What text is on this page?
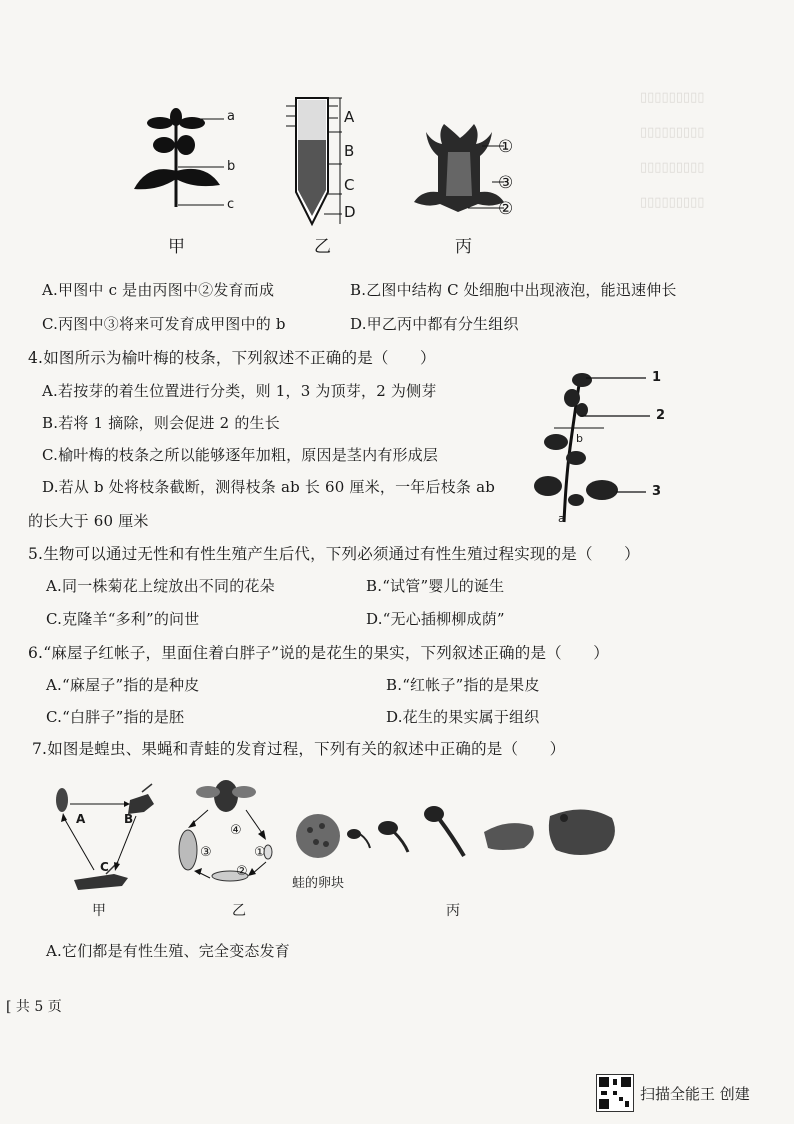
▯▯▯▯▯▯▯▯▯
▯▯▯▯▯▯▯▯▯
▯▯▯▯▯▯▯▯▯
▯▯▯▯▯▯▯▯▯
a
b
c
甲
A
B
C
D
乙
①
③
②
丙
A.甲图中 c 是由丙图中②发育而成	B.乙图中结构 C 处细胞中出现液泡，能迅速伸长
C.丙图中③将来可发育成甲图中的 b	D.甲乙丙中都有分生组织
4.如图所示为榆叶梅的枝条，下列叙述不正确的是（　　）
A.若按芽的着生位置进行分类，则 1，3 为顶芽，2 为侧芽
B.若将 1 摘除，则会促进 2 的生长
C.榆叶梅的枝条之所以能够逐年加粗，原因是茎内有形成层
D.若从 b 处将枝条截断，测得枝条 ab 长 60 厘米，一年后枝条 ab
的长大于 60 厘米
1
2
3
a
b
5.生物可以通过无性和有性生殖产生后代，下列必须通过有性生殖过程实现的是（　　）
A.同一株菊花上绽放出不同的花朵	B.“试管”婴儿的诞生
C.克隆羊“多利”的问世	D.“无心插柳柳成荫”
6.“麻屋子红帐子，里面住着白胖子”说的是花生的果实，下列叙述正确的是（　　）
A.“麻屋子”指的是种皮	B.“红帐子”指的是果皮
C.“白胖子”指的是胚	D.花生的果实属于组织
7.如图是蝗虫、果蝇和青蛙的发育过程，下列有关的叙述中正确的是（　　）
A	B
C
甲
④
③	①
②
乙
蛙的卵块
丙
A.它们都是有性生殖、完全变态发育
[ 共 5 页
扫描全能王 创建
